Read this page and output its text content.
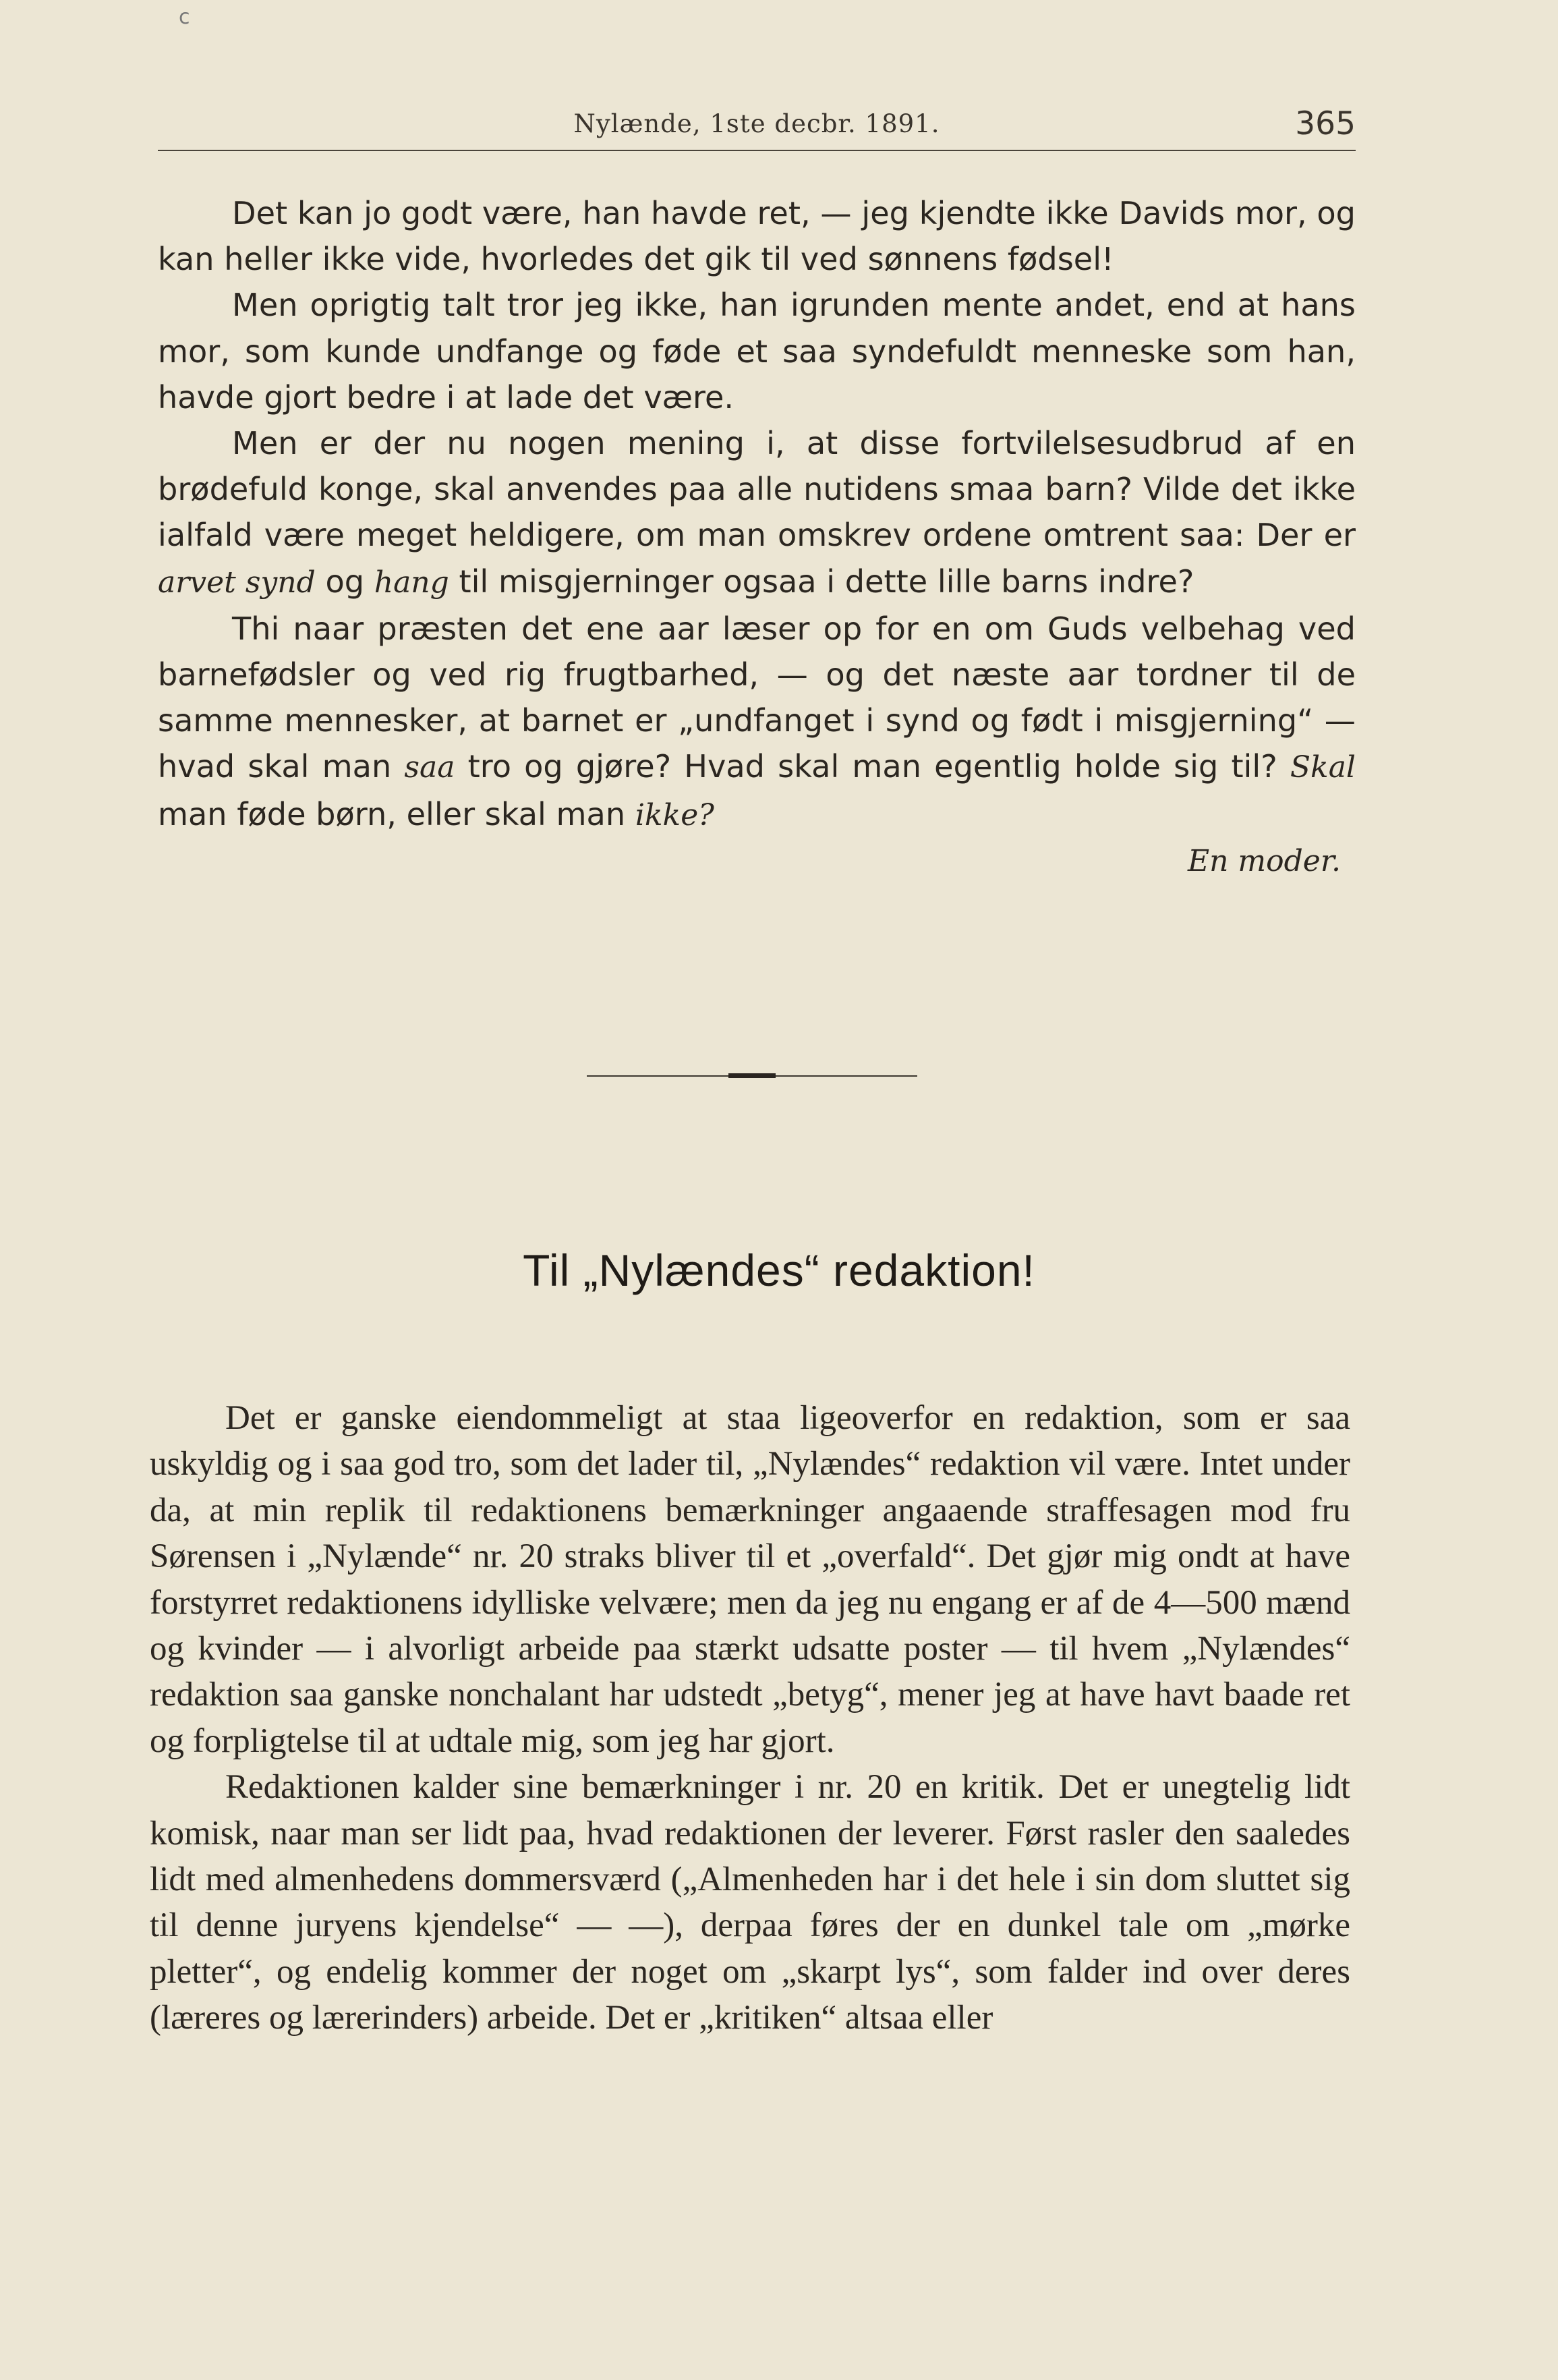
c
Nylænde, 1ste decbr. 1891.	365

Det kan jo godt være, han havde ret, — jeg kjendte ikke Davids mor, og kan heller ikke vide, hvorledes det gik til ved sønnens fødsel!

Men oprigtig talt tror jeg ikke, han igrunden mente andet, end at hans mor, som kunde undfange og føde et saa syndefuldt menneske som han, havde gjort bedre i at lade det være.

Men er der nu nogen mening i, at disse fortvilelsesudbrud af en brødefuld konge, skal anvendes paa alle nutidens smaa barn? Vilde det ikke ialfald være meget heldigere, om man omskrev ordene omtrent saa: Der er arvet synd og hang til misgjerninger ogsaa i dette lille barns indre?

Thi naar præsten det ene aar læser op for en om Guds velbehag ved barnefødsler og ved rig frugtbarhed, — og det næste aar tordner til de samme mennesker, at barnet er „undfanget i synd og født i misgjerning“ — hvad skal man saa tro og gjøre? Hvad skal man egentlig holde sig til? Skal man føde børn, eller skal man ikke?

En moder.
Til „Nylændes“ redaktion!

Det er ganske eiendommeligt at staa ligeoverfor en redaktion, som er saa uskyldig og i saa god tro, som det lader til, „Nylændes“ redaktion vil være. Intet under da, at min replik til redaktionens bemærkninger angaaende straffesagen mod fru Sørensen i „Nylænde“ nr. 20 straks bliver til et „overfald“. Det gjør mig ondt at have forstyrret redaktionens idylliske velvære; men da jeg nu engang er af de 4—500 mænd og kvinder — i alvorligt arbeide paa stærkt udsatte poster — til hvem „Nylændes“ redaktion saa ganske nonchalant har udstedt „betyg“, mener jeg at have havt baade ret og forpligtelse til at udtale mig, som jeg har gjort.

Redaktionen kalder sine bemærkninger i nr. 20 en kritik. Det er unegtelig lidt komisk, naar man ser lidt paa, hvad redaktionen der leverer. Først rasler den saaledes lidt med almenhedens dommersværd („Almenheden har i det hele i sin dom sluttet sig til denne juryens kjendelse“ — —), derpaa føres der en dunkel tale om „mørke pletter“, og endelig kommer der noget om „skarpt lys“, som falder ind over deres (læreres og lærerinders) arbeide. Det er „kritiken“ altsaa eller
